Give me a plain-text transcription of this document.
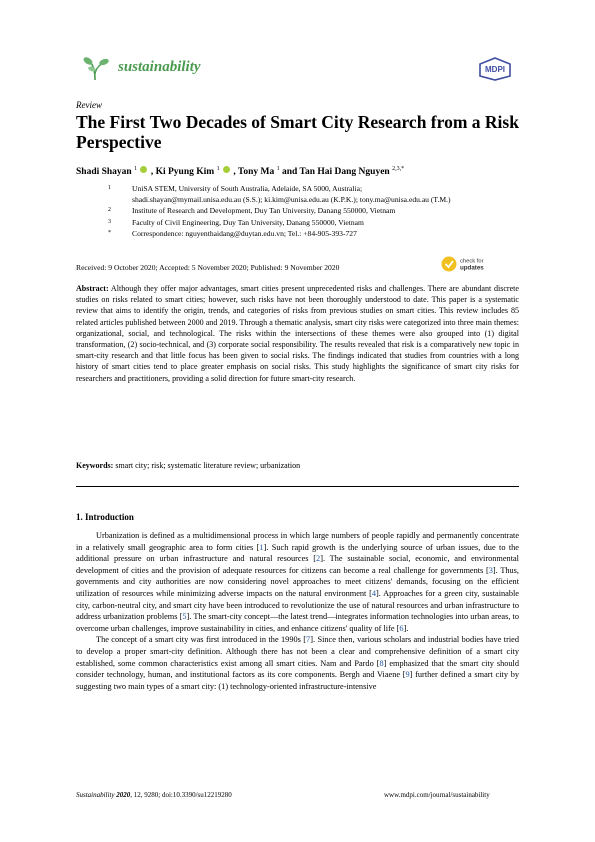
sustainability	MDPI
Review
The First Two Decades of Smart City Research from a Risk Perspective
Shadi Shayan $^1$ , Ki Pyung Kim $^1$ , Tony Ma $^1$ and Tan Hai Dang Nguyen $^{2,3,*}$
1	UniSA STEM, University of South Australia, Adelaide, SA 5000, Australia;
shadi.shayan@mymail.unisa.edu.au (S.S.); ki.kim@unisa.edu.au (K.P.K.); tony.ma@unisa.edu.au (T.M.)
2	Institute of Research and Development, Duy Tan University, Danang 550000, Vietnam
3	Faculty of Civil Engineering, Duy Tan University, Danang 550000, Vietnam
*	Correspondence: nguyenthaidang@duytan.edu.vn; Tel.: +84-905-393-727
Received: 9 October 2020; Accepted: 5 November 2020; Published: 9 November 2020
check for
updates
Abstract: Although they offer major advantages, smart cities present unprecedented risks and challenges. There are abundant discrete studies on risks related to smart cities; however, such risks have not been thoroughly understood to date. This paper is a systematic review that aims to identify the origin, trends, and categories of risks from previous studies on smart cities. This review includes 85 related articles published between 2000 and 2019. Through a thematic analysis, smart city risks were categorized into three main themes: organizational, social, and technological. The risks within the intersections of these themes were also grouped into (1) digital transformation, (2) socio-technical, and (3) corporate social responsibility. The results revealed that risk is a comparatively new topic in smart-city research and that little focus has been given to social risks. The findings indicated that studies from countries with a long history of smart cities tend to place greater emphasis on social risks. This study highlights the significance of smart city risks for researchers and practitioners, providing a solid direction for future smart-city research.
Keywords: smart city; risk; systematic literature review; urbanization
1. Introduction

Urbanization is defined as a multidimensional process in which large numbers of people rapidly and permanently concentrate in a relatively small geographic area to form cities [1]. Such rapid growth is the underlying source of urban issues, due to the additional pressure on urban infrastructure and natural resources [2]. The sustainable social, economic, and environmental development of cities and the provision of adequate resources for citizens can become a real challenge for governments [3]. Thus, governments and city authorities are now considering novel approaches to meet citizens' demands, focusing on the efficient utilization of resources while minimizing adverse impacts on the natural environment [4]. Approaches for a green city, sustainable city, carbon-neutral city, and smart city have been introduced to revolutionize the use of natural resources and urban infrastructure to address urbanization problems [5]. The smart-city concept—the latest trend—integrates information technologies into urban areas, to overcome urban challenges, improve sustainability in cities, and enhance citizens' quality of life [6].

The concept of a smart city was first introduced in the 1990s [7]. Since then, various scholars and industrial bodies have tried to develop a proper smart-city definition. Although there has not been a clear and comprehensive definition of a smart city established, some common characteristics exist among all smart cities. Nam and Pardo [8] emphasized that the smart city should consider technology, human, and institutional factors as its core components. Bergh and Viaene [9] further defined a smart city by suggesting two main types of a smart city: (1) technology-oriented infrastructure-intensive

Sustainability 2020, 12, 9280; doi:10.3390/su12219280	www.mdpi.com/journal/sustainability
